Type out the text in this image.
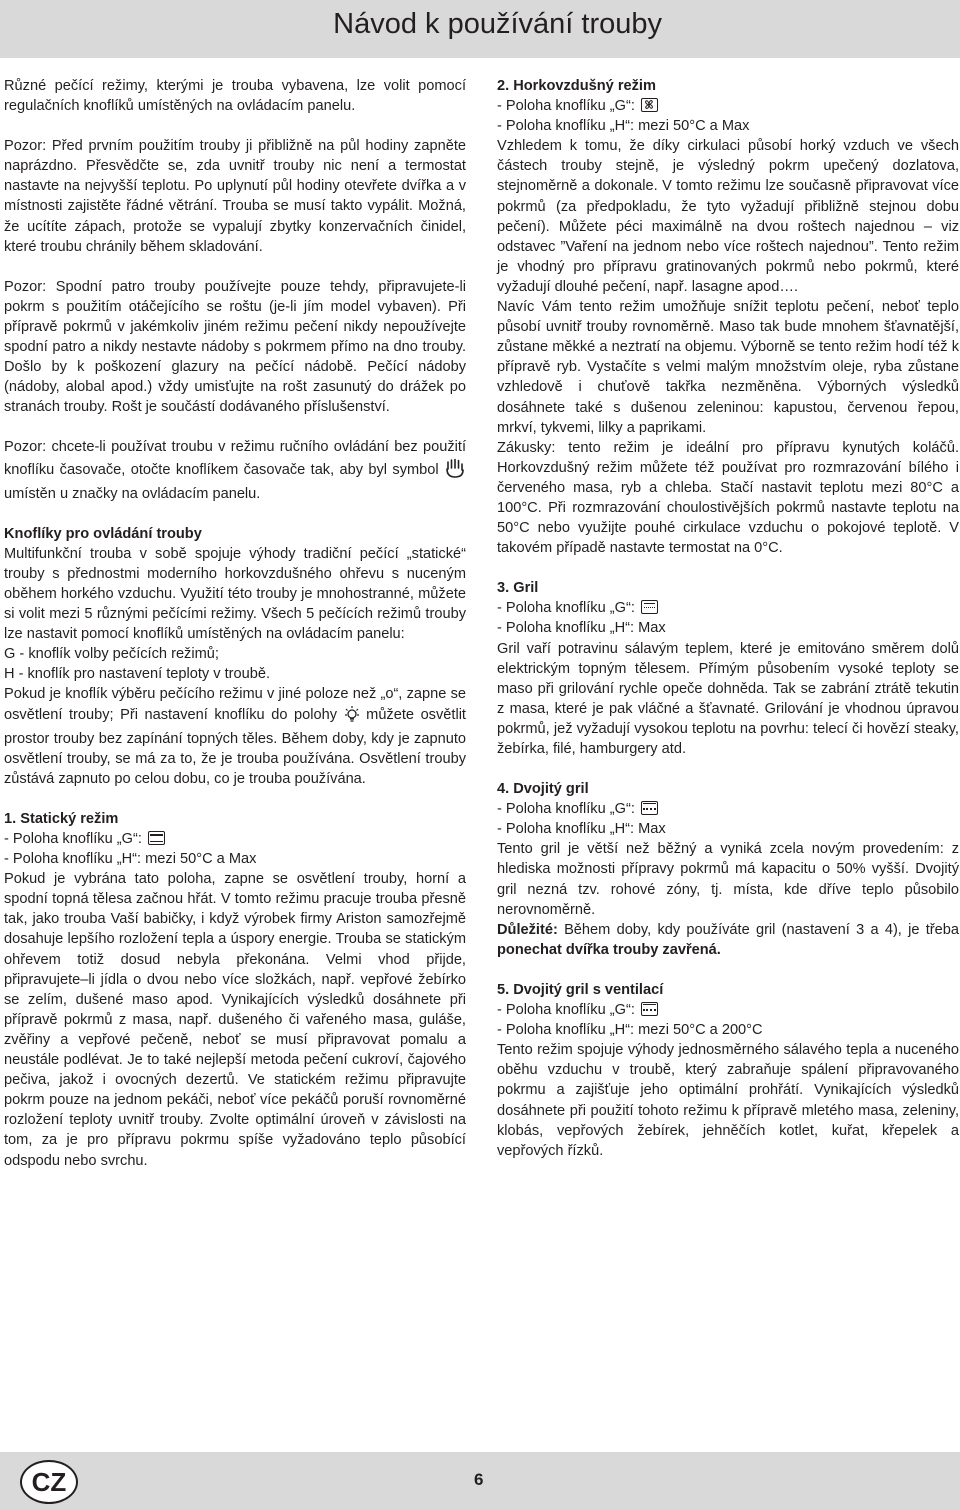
Návod k používání trouby

Různé pečící režimy, kterými je trouba vybavena, lze volit pomocí regulačních knoflíků umístěných na ovládacím panelu.

Pozor: Před prvním použitím trouby ji přibližně na půl hodiny zapněte naprázdno. Přesvědčte se, zda uvnitř trouby nic není a termostat nastavte na nejvyšší teplotu. Po uplynutí půl hodiny otevřete dvířka a v místnosti zajistěte řádné větrání. Trouba se musí takto vypálit. Možná, že ucítíte zápach, protože se vypalují zbytky konzervačních činidel, které troubu chránily během skladování.

Pozor: Spodní patro trouby používejte pouze tehdy, připravujete-li pokrm s použitím otáčejícího se roštu (je-li jím model vybaven). Při přípravě pokrmů v jakémkoliv jiném režimu pečení nikdy nepoužívejte spodní patro a nikdy nestavte nádoby s pokrmem přímo na dno trouby. Došlo by k poškození glazury na pečící nádobě. Pečící nádoby (nádoby, alobal apod.) vždy umisťujte na rošt zasunutý do drážek po stranách trouby. Rošt je součástí dodávaného příslušenství.

Pozor: chcete-li používat troubu v režimu ručního ovládání bez použití knoflíku časovače, otočte knoflíkem časovače tak, aby byl symbol  umístěn u značky na ovládacím panelu.

Knoflíky pro ovládání trouby

Multifunkční trouba v sobě spojuje výhody tradiční pečící „statické“ trouby s přednostmi moderního horkovzdušného ohřevu s nuceným oběhem horkého vzduchu. Využití této trouby je mnohostranné, můžete si volit mezi 5 různými pečícími režimy. Všech 5 pečících režimů trouby lze nastavit pomocí knoflíků umístěných na ovládacím panelu:

G - knoflík volby pečících režimů;

H - knoflík pro nastavení teploty v troubě.

Pokud je knoflík výběru pečícího režimu v jiné poloze než „o“, zapne se osvětlení trouby; Při nastavení knoflíku do polohy můžete osvětlit prostor trouby bez zapínání topných těles. Během doby, kdy je zapnuto osvětlení trouby, se má za to, že je trouba používána. Osvětlení trouby zůstává zapnuto po celou dobu, co je trouba používána.

1. Statický režim

- Poloha knoflíku „G“:

- Poloha knoflíku „H“: mezi 50°C a Max

Pokud je vybrána tato poloha, zapne se osvětlení trouby, horní a spodní topná tělesa začnou hřát. V tomto režimu pracuje trouba přesně tak, jako trouba Vaší babičky, i když výrobek firmy Ariston samozřejmě dosahuje lepšího rozložení tepla a úspory energie. Trouba se statickým ohřevem totiž dosud nebyla překonána. Velmi vhod přijde, připravujete–li jídla o dvou nebo více složkách, např. vepřové žebírko se zelím, dušené maso apod. Vynikajících výsledků dosáhnete při přípravě pokrmů z masa, např. dušeného či vařeného masa, guláše, zvěřiny a vepřové pečeně, neboť se musí připravovat pomalu a neustále podlévat. Je to také nejlepší metoda pečení cukroví, čajového pečiva, jakož i ovocných dezertů. Ve statickém režimu připravujte pokrm pouze na jednom pekáči, neboť více pekáčů poruší rovnoměrné rozložení teploty uvnitř trouby. Zvolte optimální úroveň v závislosti na tom, za je pro přípravu pokrmu spíše vyžadováno teplo působící odspodu nebo svrchu.

2. Horkovzdušný režim

- Poloha knoflíku „G“:

- Poloha knoflíku „H“: mezi 50°C a Max

Vzhledem k tomu, že díky cirkulaci působí horký vzduch ve všech částech trouby stejně, je výsledný pokrm upečený dozlatova, stejnoměrně a dokonale. V tomto režimu lze současně připravovat více pokrmů (za předpokladu, že tyto vyžadují přibližně stejnou dobu pečení). Můžete péci maximálně na dvou roštech najednou – viz odstavec ”Vaření na jednom nebo více roštech najednou”. Tento režim je vhodný pro přípravu gratinovaných pokrmů nebo pokrmů, které vyžadují dlouhé pečení, např. lasagne apod….

Navíc Vám tento režim umožňuje snížit teplotu pečení, neboť teplo působí uvnitř trouby rovnoměrně. Maso tak bude mnohem šťavnatější, zůstane měkké a neztratí na objemu. Výborně se tento režim hodí též k přípravě ryb. Vystačíte s velmi malým množstvím oleje, ryba zůstane vzhledově i chuťově takřka nezměněna. Výborných výsledků dosáhnete také s dušenou zeleninou: kapustou, červenou řepou, mrkví, tykvemi, lilky a paprikami.

Zákusky: tento režim je ideální pro přípravu kynutých koláčů. Horkovzdušný režim můžete též používat pro rozmrazování bílého i červeného masa, ryb a chleba. Stačí nastavit teplotu mezi 80°C a 100°C. Při rozmrazování choulostivějších pokrmů nastavte teplotu na 50°C nebo využijte pouhé cirkulace vzduchu o pokojové teplotě. V takovém případě nastavte termostat na 0°C.

3. Gril

- Poloha knoflíku „G“:

- Poloha knoflíku „H“: Max

Gril vaří potravinu sálavým teplem, které je emitováno směrem dolů elektrickým topným tělesem. Přímým působením vysoké teploty se maso při grilování rychle opeče dohněda. Tak se zabrání ztrátě tekutin z masa, které je pak vláčné a šťavnaté. Grilování je vhodnou úpravou pokrmů, jež vyžadují vysokou teplotu na povrhu: telecí či hovězí steaky, žebírka, filé, hamburgery atd.

4. Dvojitý gril

- Poloha knoflíku „G“:

- Poloha knoflíku „H“: Max

Tento gril je větší než běžný a vyniká zcela novým provedením: z hlediska možnosti přípravy pokrmů má kapacitu o 50% vyšší. Dvojitý gril nezná tzv. rohové zóny, tj. místa, kde dříve teplo působilo nerovnoměrně.

Důležité: Během doby, kdy používáte gril (nastavení 3 a 4), je třeba ponechat dvířka trouby zavřená.

5. Dvojitý gril s ventilací

- Poloha knoflíku „G“:

- Poloha knoflíku „H“: mezi 50°C a 200°C

Tento režim spojuje výhody jednosměrného sálavého tepla a nuceného oběhu vzduchu v troubě, který zabraňuje spálení připravovaného pokrmu a zajišťuje jeho optimální prohřátí. Vynikajících výsledků dosáhnete při použití tohoto režimu k přípravě mletého masa, zeleniny, klobás, vepřových žebírek, jehněčích kotlet, kuřat, křepelek a vepřových řízků.

CZ	6
